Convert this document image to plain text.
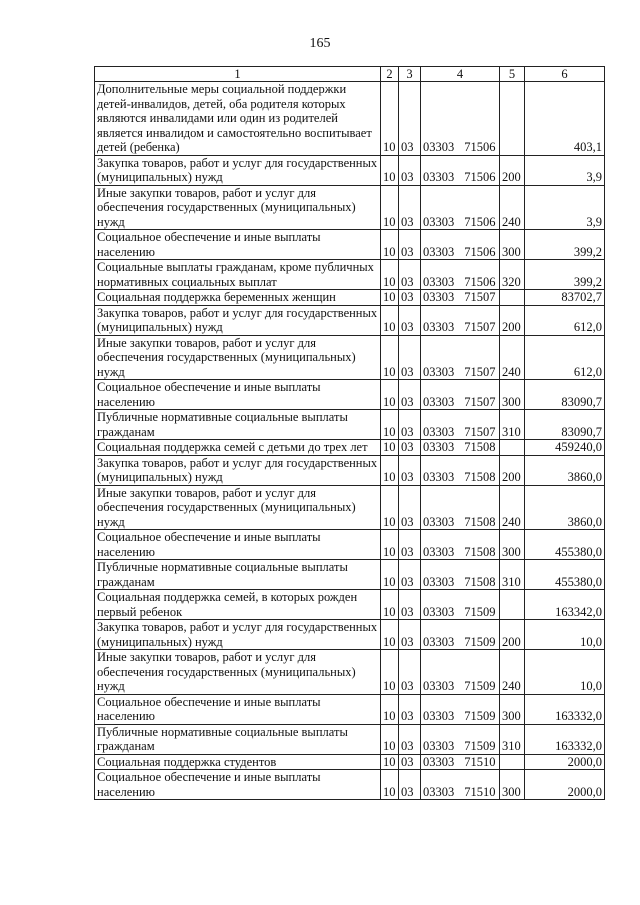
165
1	2	3	4	5	6
Дополнительные меры социальной поддержки детей-инвалидов, детей, оба родителя которых являются инвалидами или один из родителей является инвалидом и самостоятельно воспитывает детей (ребенка)	10	03	03303 71506		403,1
Закупка товаров, работ и услуг для государственных (муниципальных) нужд	10	03	03303 71506	200	3,9
Иные закупки товаров, работ и услуг для обеспечения государственных (муниципальных) нужд	10	03	03303 71506	240	3,9
Социальное обеспечение и иные выплаты населению	10	03	03303 71506	300	399,2
Социальные выплаты гражданам, кроме публичных нормативных социальных выплат	10	03	03303 71506	320	399,2
Социальная поддержка беременных женщин	10	03	03303 71507		83702,7
Закупка товаров, работ и услуг для государственных (муниципальных) нужд	10	03	03303 71507	200	612,0
Иные закупки товаров, работ и услуг для обеспечения государственных (муниципальных) нужд	10	03	03303 71507	240	612,0
Социальное обеспечение и иные выплаты населению	10	03	03303 71507	300	83090,7
Публичные нормативные социальные выплаты гражданам	10	03	03303 71507	310	83090,7
Социальная поддержка семей с детьми до трех лет	10	03	03303 71508		459240,0
Закупка товаров, работ и услуг для государственных (муниципальных) нужд	10	03	03303 71508	200	3860,0
Иные закупки товаров, работ и услуг для обеспечения государственных (муниципальных) нужд	10	03	03303 71508	240	3860,0
Социальное обеспечение и иные выплаты населению	10	03	03303 71508	300	455380,0
Публичные нормативные социальные выплаты гражданам	10	03	03303 71508	310	455380,0
Социальная поддержка семей, в которых рожден первый ребенок	10	03	03303 71509		163342,0
Закупка товаров, работ и услуг для государственных (муниципальных) нужд	10	03	03303 71509	200	10,0
Иные закупки товаров, работ и услуг для обеспечения государственных (муниципальных) нужд	10	03	03303 71509	240	10,0
Социальное обеспечение и иные выплаты населению	10	03	03303 71509	300	163332,0
Публичные нормативные социальные выплаты гражданам	10	03	03303 71509	310	163332,0
Социальная поддержка студентов	10	03	03303 71510		2000,0
Социальное обеспечение и иные выплаты населению	10	03	03303 71510	300	2000,0
